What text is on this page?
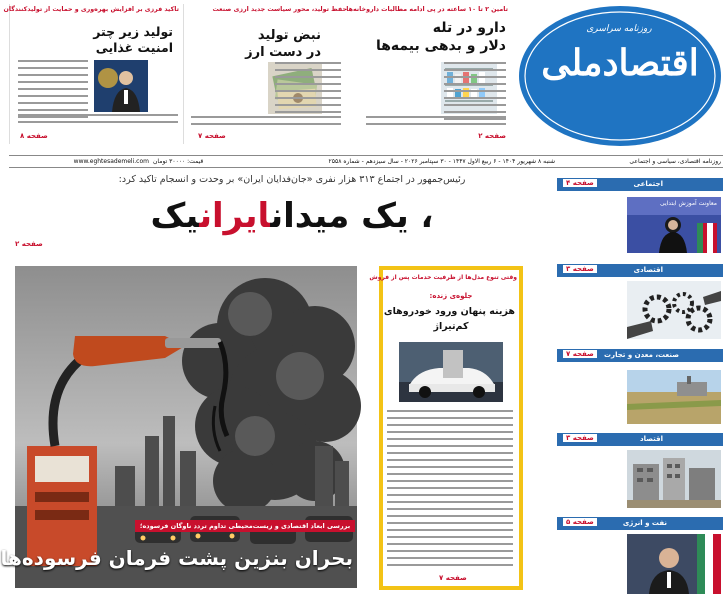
تامین ۲ تا ۱۰ ساعته در پی ادامه مطالبات داروخانه‌ها
دارو در تله
دلار و بدهی بیمه‌ها
صفحه ۲
حفظ تولید، محور سیاست جدید ارزی صنعت
نبض تولید
در دست ارز
صفحه ۷
تاکید فرزی بر افزایش بهره‌وری و حمایت از تولیدکنندگان
تولید زیر چتر
امنیت غذایی
صفحه ۸
روزنامه سراسری
اقتصادملی
روزنامه اقتصادی، سیاسی و اجتماعی
شنبه ۸ شهریور ۱۴۰۴ - ۶ ربیع الاول ۱۴۴۷ - ۳۰ سپتامبر ۲۰۲۶ - سال سیزدهم - شماره ۲۵۵۸
قیمت: ۳۰۰۰۰ تومان
www.eghtesademeli.com
رئیس‌جمهور در اجتماع ۳۱۳ هزار نفری «جان‌فدایان ایران» بر وحدت و انسجام تاکید کرد:
، یک میدانایرانیک
صفحه ۲
بررسی ابعاد اقتصادی و زیست‌محیطی تداوم تردد ناوگان فرسوده؛
بحران بنزین پشت فرمان فرسوده‌ها
وقتی تنوع مدل‌ها از ظرفیت خدمات پس از فروش
جلوه‌ی زنده:
هزینه پنهان ورود خودروهای
کم‌تیراژ
صفحه ۷
اجتماعی
صفحه ۴
معاونت آموزش ابتدایی
اقتصادی
صفحه ۳
صنعت، معدن و تجارت
صفحه ۷
اقتصاد
صفحه ۳
نفت و انرژی
صفحه ۵
